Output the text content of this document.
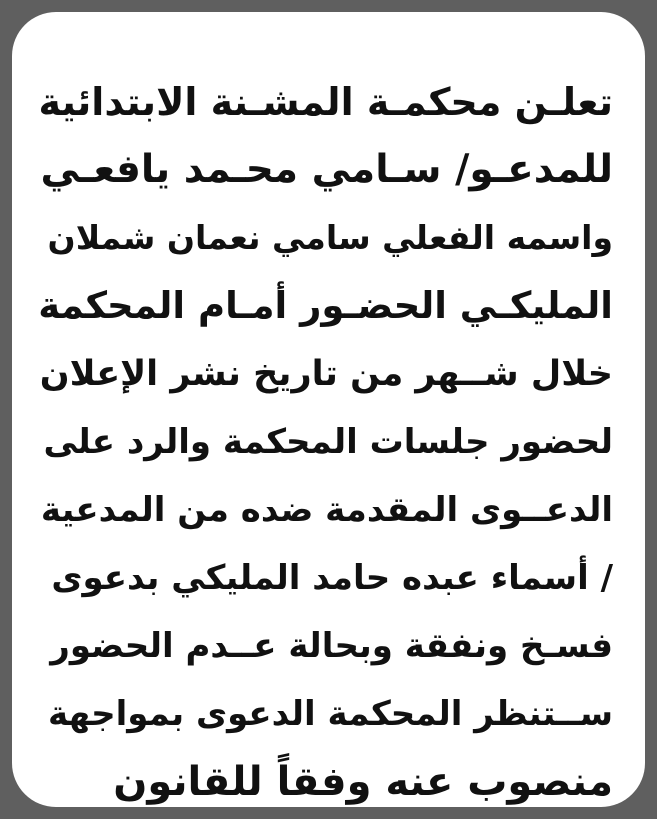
تعلـن محكمـة المشـنة الابتدائية
للمدعـو/ سـامي محـمد يافعـي
واسمه الفعلي سامي نعمان شملان
المليكـي الحضـور أمـام المحكمة
خلال شــهر من تاريخ نشر الإعلان
لحضور جلسات المحكمة والرد على
الدعــوى المقدمة ضده من المدعية
/ أسماء عبده حامد المليكي بدعوى
فسـخ ونفقة وبحالة عــدم الحضور
ســتنظر المحكمة الدعوى بمواجهة
منصوب عنه وفقاً للقانون
